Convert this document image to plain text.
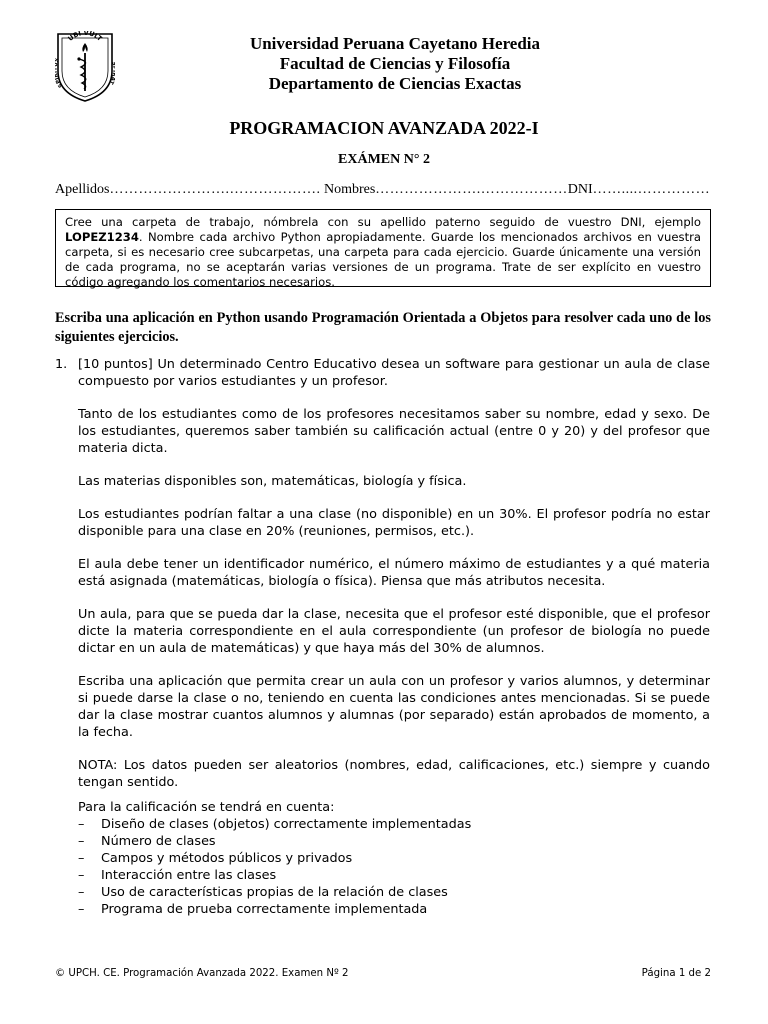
UBI VULT
SP	T
Universidad Peruana Cayetano Heredia
Facultad de Ciencias y Filosofía
Departamento de Ciencias Exactas
PROGRAMACION AVANZADA 2022-I
EXÁMEN N° 2
Apellidos…………………….………………. Nombres………………….………………DNI……....……………
Cree una carpeta de trabajo, nómbrela con su apellido paterno seguido de vuestro DNI, ejemplo LOPEZ1234. Nombre cada archivo Python apropiadamente. Guarde los mencionados archivos en vuestra carpeta, si es necesario cree subcarpetas, una carpeta para cada ejercicio. Guarde únicamente una versión de cada programa, no se aceptarán varias versiones de un programa. Trate de ser explícito en vuestro código agregando los comentarios necesarios.
Escriba una aplicación en Python usando Programación Orientada a Objetos para resolver cada uno de los siguientes ejercicios.
1. [10 puntos] Un determinado Centro Educativo desea un software para gestionar un aula de clase compuesto por varios estudiantes y un profesor.

Tanto de los estudiantes como de los profesores necesitamos saber su nombre, edad y sexo. De los estudiantes, queremos saber también su calificación actual (entre 0 y 20) y del profesor que materia dicta.

Las materias disponibles son, matemáticas, biología y física.

Los estudiantes podrían faltar a una clase (no disponible) en un 30%. El profesor podría no estar disponible para una clase en 20% (reuniones, permisos, etc.).

El aula debe tener un identificador numérico, el número máximo de estudiantes y a qué materia está asignada (matemáticas, biología o física). Piensa que más atributos necesita.

Un aula, para que se pueda dar la clase, necesita que el profesor esté disponible, que el profesor dicte la materia correspondiente en el aula correspondiente (un profesor de biología no puede dictar en un aula de matemáticas) y que haya más del 30% de alumnos.

Escriba una aplicación que permita crear un aula con un profesor y varios alumnos, y determinar si puede darse la clase o no, teniendo en cuenta las condiciones antes mencionadas. Si se puede dar la clase mostrar cuantos alumnos y alumnas (por separado) están aprobados de momento, a la fecha.

NOTA: Los datos pueden ser aleatorios (nombres, edad, calificaciones, etc.) siempre y cuando tengan sentido.

Para la calificación se tendrá en cuenta:
– Diseño de clases (objetos) correctamente implementadas
– Número de clases
– Campos y métodos públicos y privados
– Interacción entre las clases
– Uso de características propias de la relación de clases
– Programa de prueba correctamente implementada
© UPCH. CE. Programación Avanzada 2022. Examen Nº 2	Página 1 de 2
